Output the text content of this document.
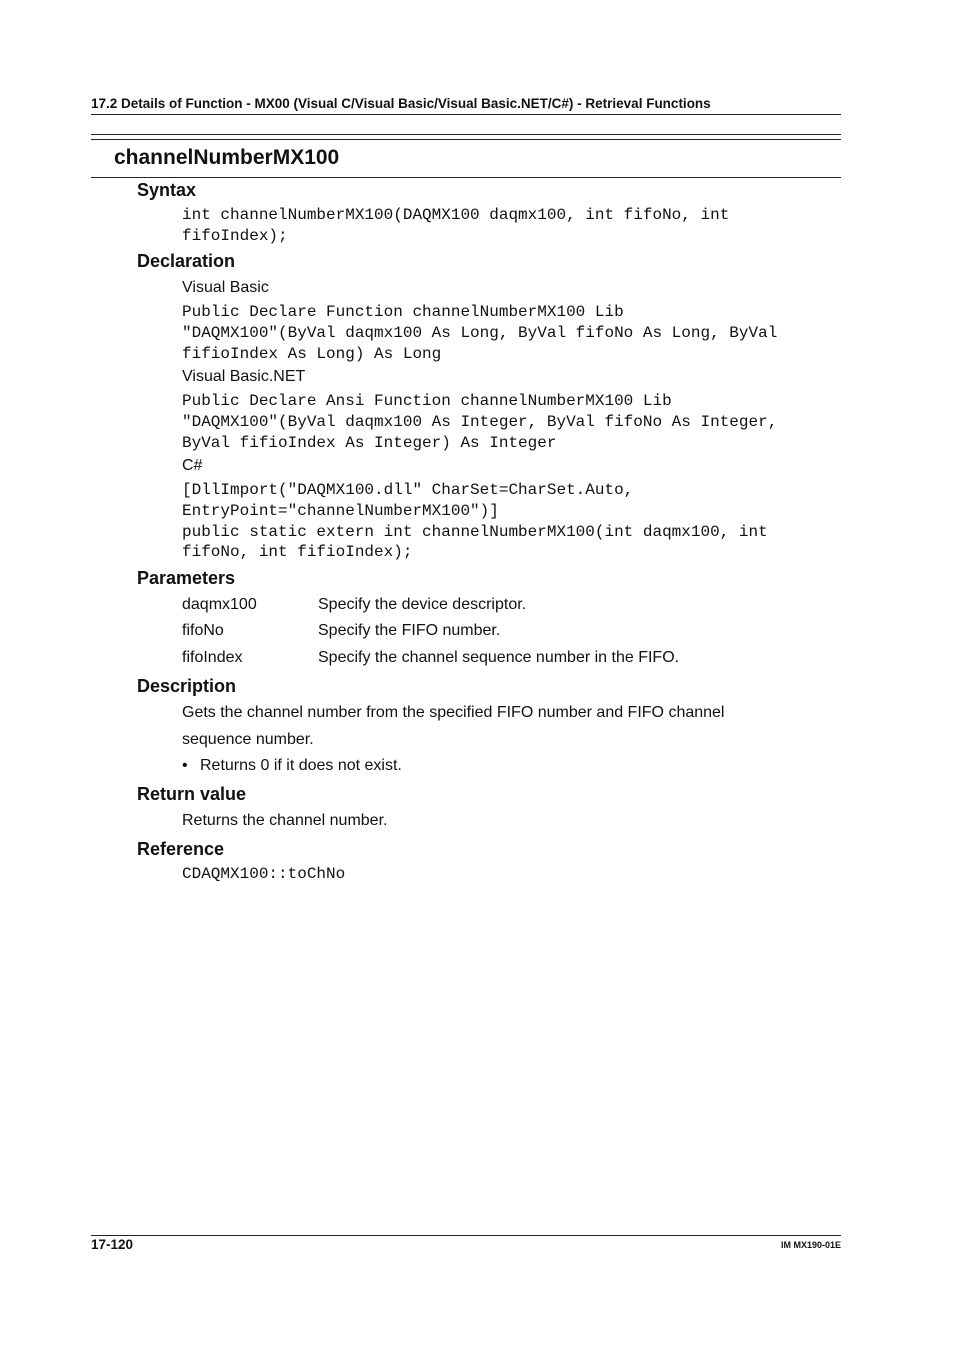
17.2 Details of Function - MX00 (Visual C/Visual Basic/Visual Basic.NET/C#) - Retrieval Functions
channelNumberMX100
Syntax
int channelNumberMX100(DAQMX100 daqmx100, int fifoNo, int
fifoIndex);
Declaration
Visual Basic
Public Declare Function channelNumberMX100 Lib
"DAQMX100"(ByVal daqmx100 As Long, ByVal fifoNo As Long, ByVal
fifioIndex As Long) As Long
Visual Basic.NET
Public Declare Ansi Function channelNumberMX100 Lib
"DAQMX100"(ByVal daqmx100 As Integer, ByVal fifoNo As Integer,
ByVal fifioIndex As Integer) As Integer
C#
[DllImport("DAQMX100.dll" CharSet=CharSet.Auto,
EntryPoint="channelNumberMX100")]
public static extern int channelNumberMX100(int daqmx100, int
fifoNo, int fifioIndex);
Parameters
daqmx100	Specify the device descriptor.
fifoNo	Specify the FIFO number.
fifoIndex	Specify the channel sequence number in the FIFO.
Description
Gets the channel number from the specified FIFO number and FIFO channel
sequence number.
• Returns 0 if it does not exist.
Return value
Returns the channel number.
Reference
CDAQMX100::toChNo
17-120	IM MX190-01E
